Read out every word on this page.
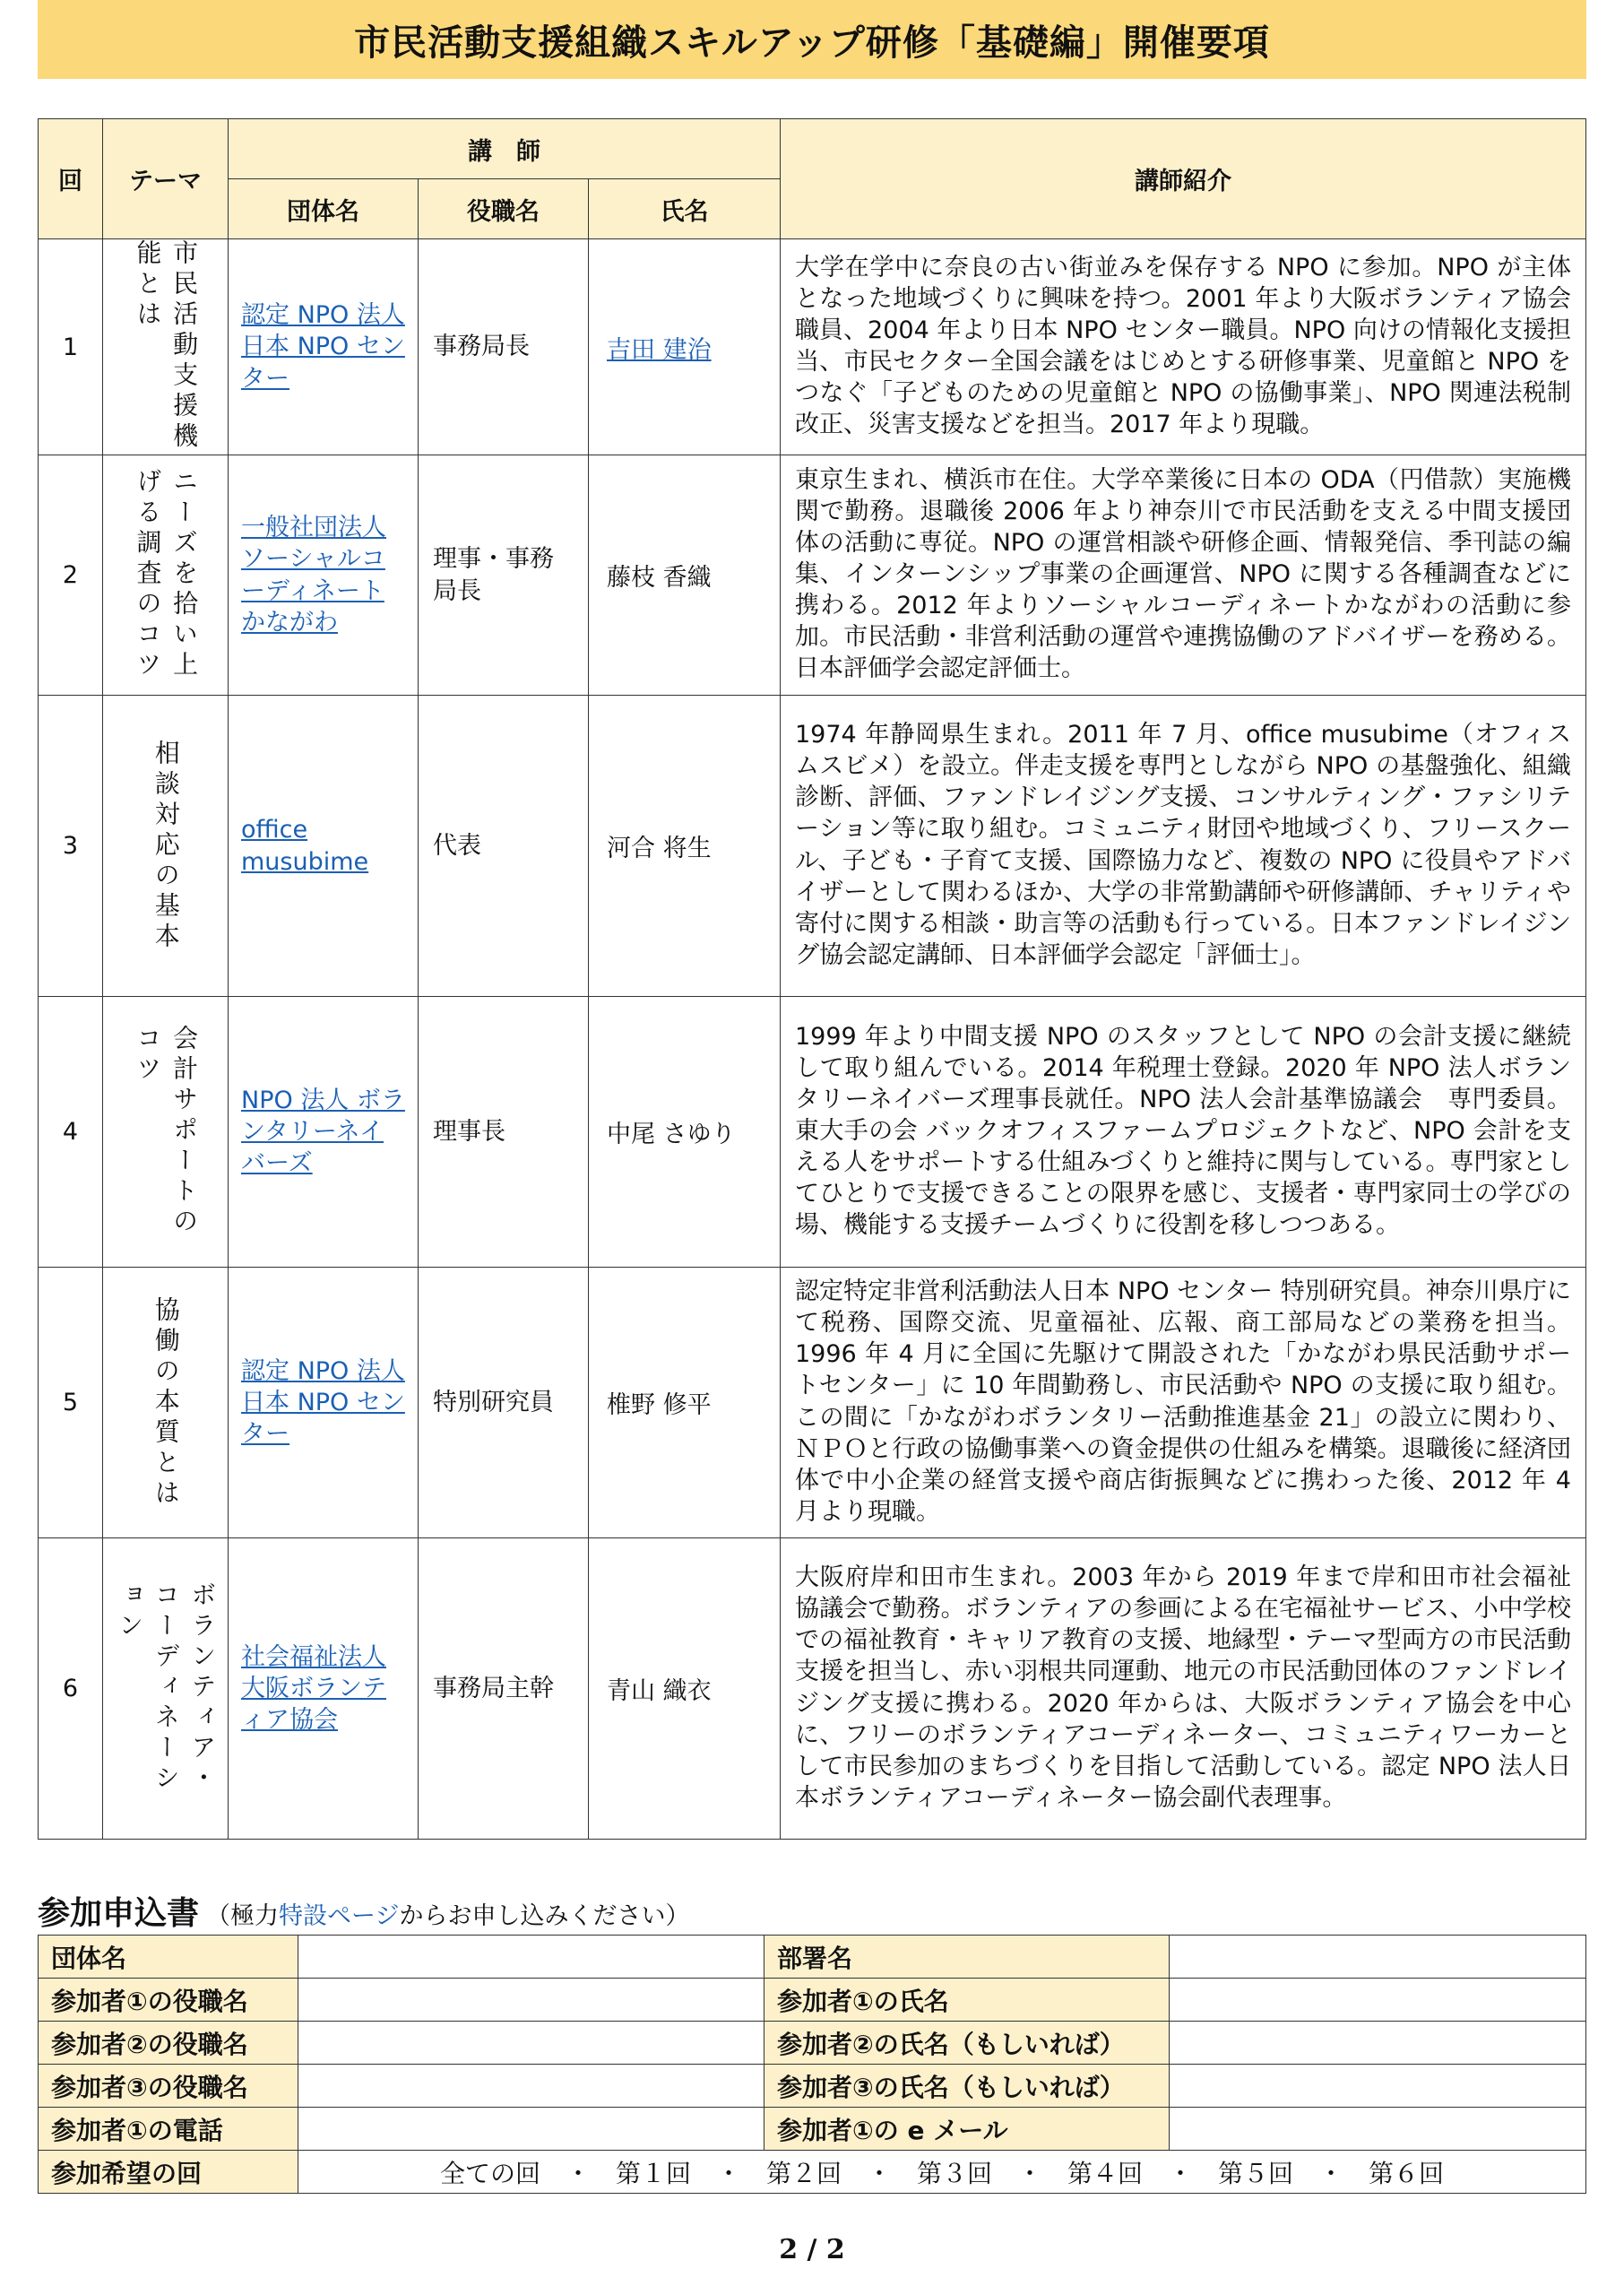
市民活動支援組織スキルアップ研修「基礎編」開催要項
回	テーマ	講　師			講師紹介
		団体名	役職名	氏名	
1	市民活動支援機能とは	認定 NPO 法人 日本 NPO センター	事務局長	吉田 建治	大学在学中に奈良の古い街並みを保存する NPO に参加。NPO が主体となった地域づくりに興味を持つ。2001 年より大阪ボランティア協会職員、2004 年より日本 NPO センター職員。NPO 向けの情報化支援担当、市民セクター全国会議をはじめとする研修事業、児童館と NPO をつなぐ「子どものための児童館と NPO の協働事業」、NPO 関連法税制改正、災害支援などを担当。2017 年より現職。
2	ニーズを拾い上げる調査のコツ	一般社団法人 ソーシャルコーディネートかながわ	理事・事務局長	藤枝 香織	東京生まれ、横浜市在住。大学卒業後に日本の ODA（円借款）実施機関で勤務。退職後 2006 年より神奈川で市民活動を支える中間支援団体の活動に専従。NPO の運営相談や研修企画、情報発信、季刊誌の編集、インターンシップ事業の企画運営、NPO に関する各種調査などに携わる。2012 年よりソーシャルコーディネートかながわの活動に参加。市民活動・非営利活動の運営や連携協働のアドバイザーを務める。日本評価学会認定評価士。
3	相談対応の基本	office musubime	代表	河合 将生	1974 年静岡県生まれ。2011 年 7 月、office musubime（オフィス　ムスビメ）を設立。伴走支援を専門としながら NPO の基盤強化、組織診断、評価、ファンドレイジング支援、コンサルティング・ファシリテーション等に取り組む。コミュニティ財団や地域づくり、フリースクール、子ども・子育て支援、国際協力など、複数の NPO に役員やアドバイザーとして関わるほか、大学の非常勤講師や研修講師、チャリティや寄付に関する相談・助言等の活動も行っている。日本ファンドレイジング協会認定講師、日本評価学会認定「評価士」。
4	会計サポートのコツ	NPO 法人 ボランタリーネイバーズ	理事長	中尾 さゆり	1999 年より中間支援 NPO のスタッフとして NPO の会計支援に継続して取り組んでいる。2014 年税理士登録。2020 年 NPO 法人ボランタリーネイバーズ理事長就任。NPO 法人会計基準協議会　専門委員。東大手の会 バックオフィスファームプロジェクトなど、NPO 会計を支える人をサポートする仕組みづくりと維持に関与している。専門家としてひとりで支援できることの限界を感じ、支援者・専門家同士の学びの場、機能する支援チームづくりに役割を移しつつある。
5	協働の本質とは	認定 NPO 法人 日本 NPO センター	特別研究員	椎野 修平	認定特定非営利活動法人日本 NPO センター 特別研究員。神奈川県庁にて税務、国際交流、児童福祉、広報、商工部局などの業務を担当。1996 年 4 月に全国に先駆けて開設された「かながわ県民活動サポートセンター」に 10 年間勤務し、市民活動や NPO の支援に取り組む。この間に「かながわボランタリー活動推進基金 21」の設立に関わり、ＮＰＯと行政の協働事業への資金提供の仕組みを構築。退職後に経済団体で中小企業の経営支援や商店街振興などに携わった後、2012 年 4 月より現職。
6	ボランティア・コーディネーション	社会福祉法人 大阪ボランティア協会	事務局主幹	青山 織衣	大阪府岸和田市生まれ。2003 年から 2019 年まで岸和田市社会福祉協議会で勤務。ボランティアの参画による在宅福祉サービス、小中学校での福祉教育・キャリア教育の支援、地縁型・テーマ型両方の市民活動支援を担当し、赤い羽根共同運動、地元の市民活動団体のファンドレイジング支援に携わる。2020 年からは、大阪ボランティア協会を中心に、フリーのボランティアコーディネーター、コミュニティワーカーとして市民参加のまちづくりを目指して活動している。認定 NPO 法人日本ボランティアコーディネーター協会副代表理事。
参加申込書 （極力特設ページからお申し込みください）
団体名		部署名	
参加者①の役職名		参加者①の氏名	
参加者②の役職名		参加者②の氏名（もしいれば）	
参加者③の役職名		参加者③の氏名（もしいれば）	
参加者①の電話		参加者①の e メール	
参加希望の回	全ての回　・　第１回　・　第２回　・　第３回　・　第４回　・　第５回　・　第６回		
2 / 2
